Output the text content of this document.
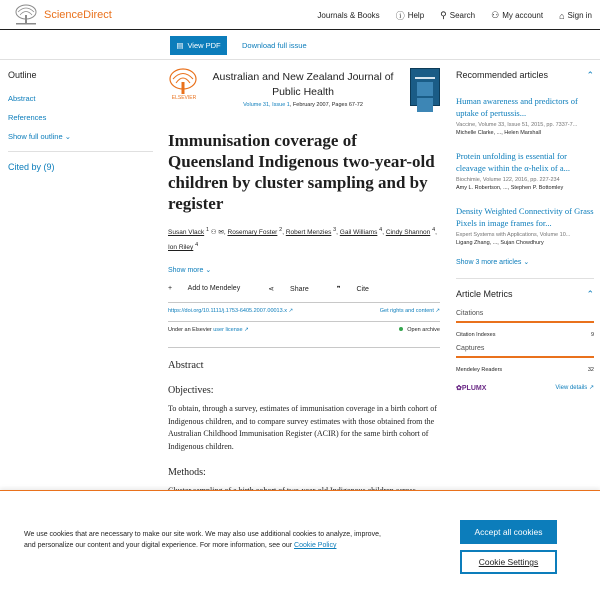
ScienceDirect	Journals & Books ⓘ Help ⚲ Search ⚇ My account ⌂ Sign in
▤ View PDF	Download full issue
Outline
Abstract
References
Show full outline ⌄
Cited by (9)
ELSEVIER
Australian and New Zealand Journal of Public Health
Volume 31, Issue 1, February 2007, Pages 67-72
Immunisation coverage of Queensland Indigenous two-year-old children by cluster sampling and by register
Susan Vlack $^1$ ⚇ ✉, Rosemary Foster $^2$, Robert Menzies $^3$, Gail Williams $^4$, Cindy Shannon $^4$, Ion Riley $^4$
Show more ⌄
+ Add to Mendeley	⋖ Share	❞ Cite
https://doi.org/10.1111/j.1753-6405.2007.00013.x ↗	Get rights and content ↗
Under an Elsevier user license ↗	Open archive
Abstract
Objectives:

To obtain, through a survey, estimates of immunisation coverage in a birth cohort of Indigenous children, and to compare survey estimates with those obtained from the Australian Childhood Immunisation Register (ACIR) for the same birth cohort of Indigenous children.

Methods:

Recommended articles	⌃
Human awareness and predictors of uptake of pertussis...
Vaccine, Volume 33, Issue 51, 2015, pp. 7337-7...
Michelle Clarke, ..., Helen Marshall
Protein unfolding is essential for cleavage within the α-helix of a...
Biochimie, Volume 122, 2016, pp. 227-234
Amy L. Robertson, ..., Stephen P. Bottomley
Density Weighted Connectivity of Grass Pixels in image frames for...
Expert Systems with Applications, Volume 10...
Ligang Zhang, ..., Sujan Chowdhury
Show 3 more articles ⌄
Article Metrics	⌃
Citations
Citation Indexes	9
Captures
Mendeley Readers	32
✿PLUMX	View details ↗
We use cookies that are necessary to make our site work. We may also use additional cookies to analyze, improve, and personalize our content and your digital experience. For more information, see our Cookie Policy
Accept all cookies
Cookie Settings
